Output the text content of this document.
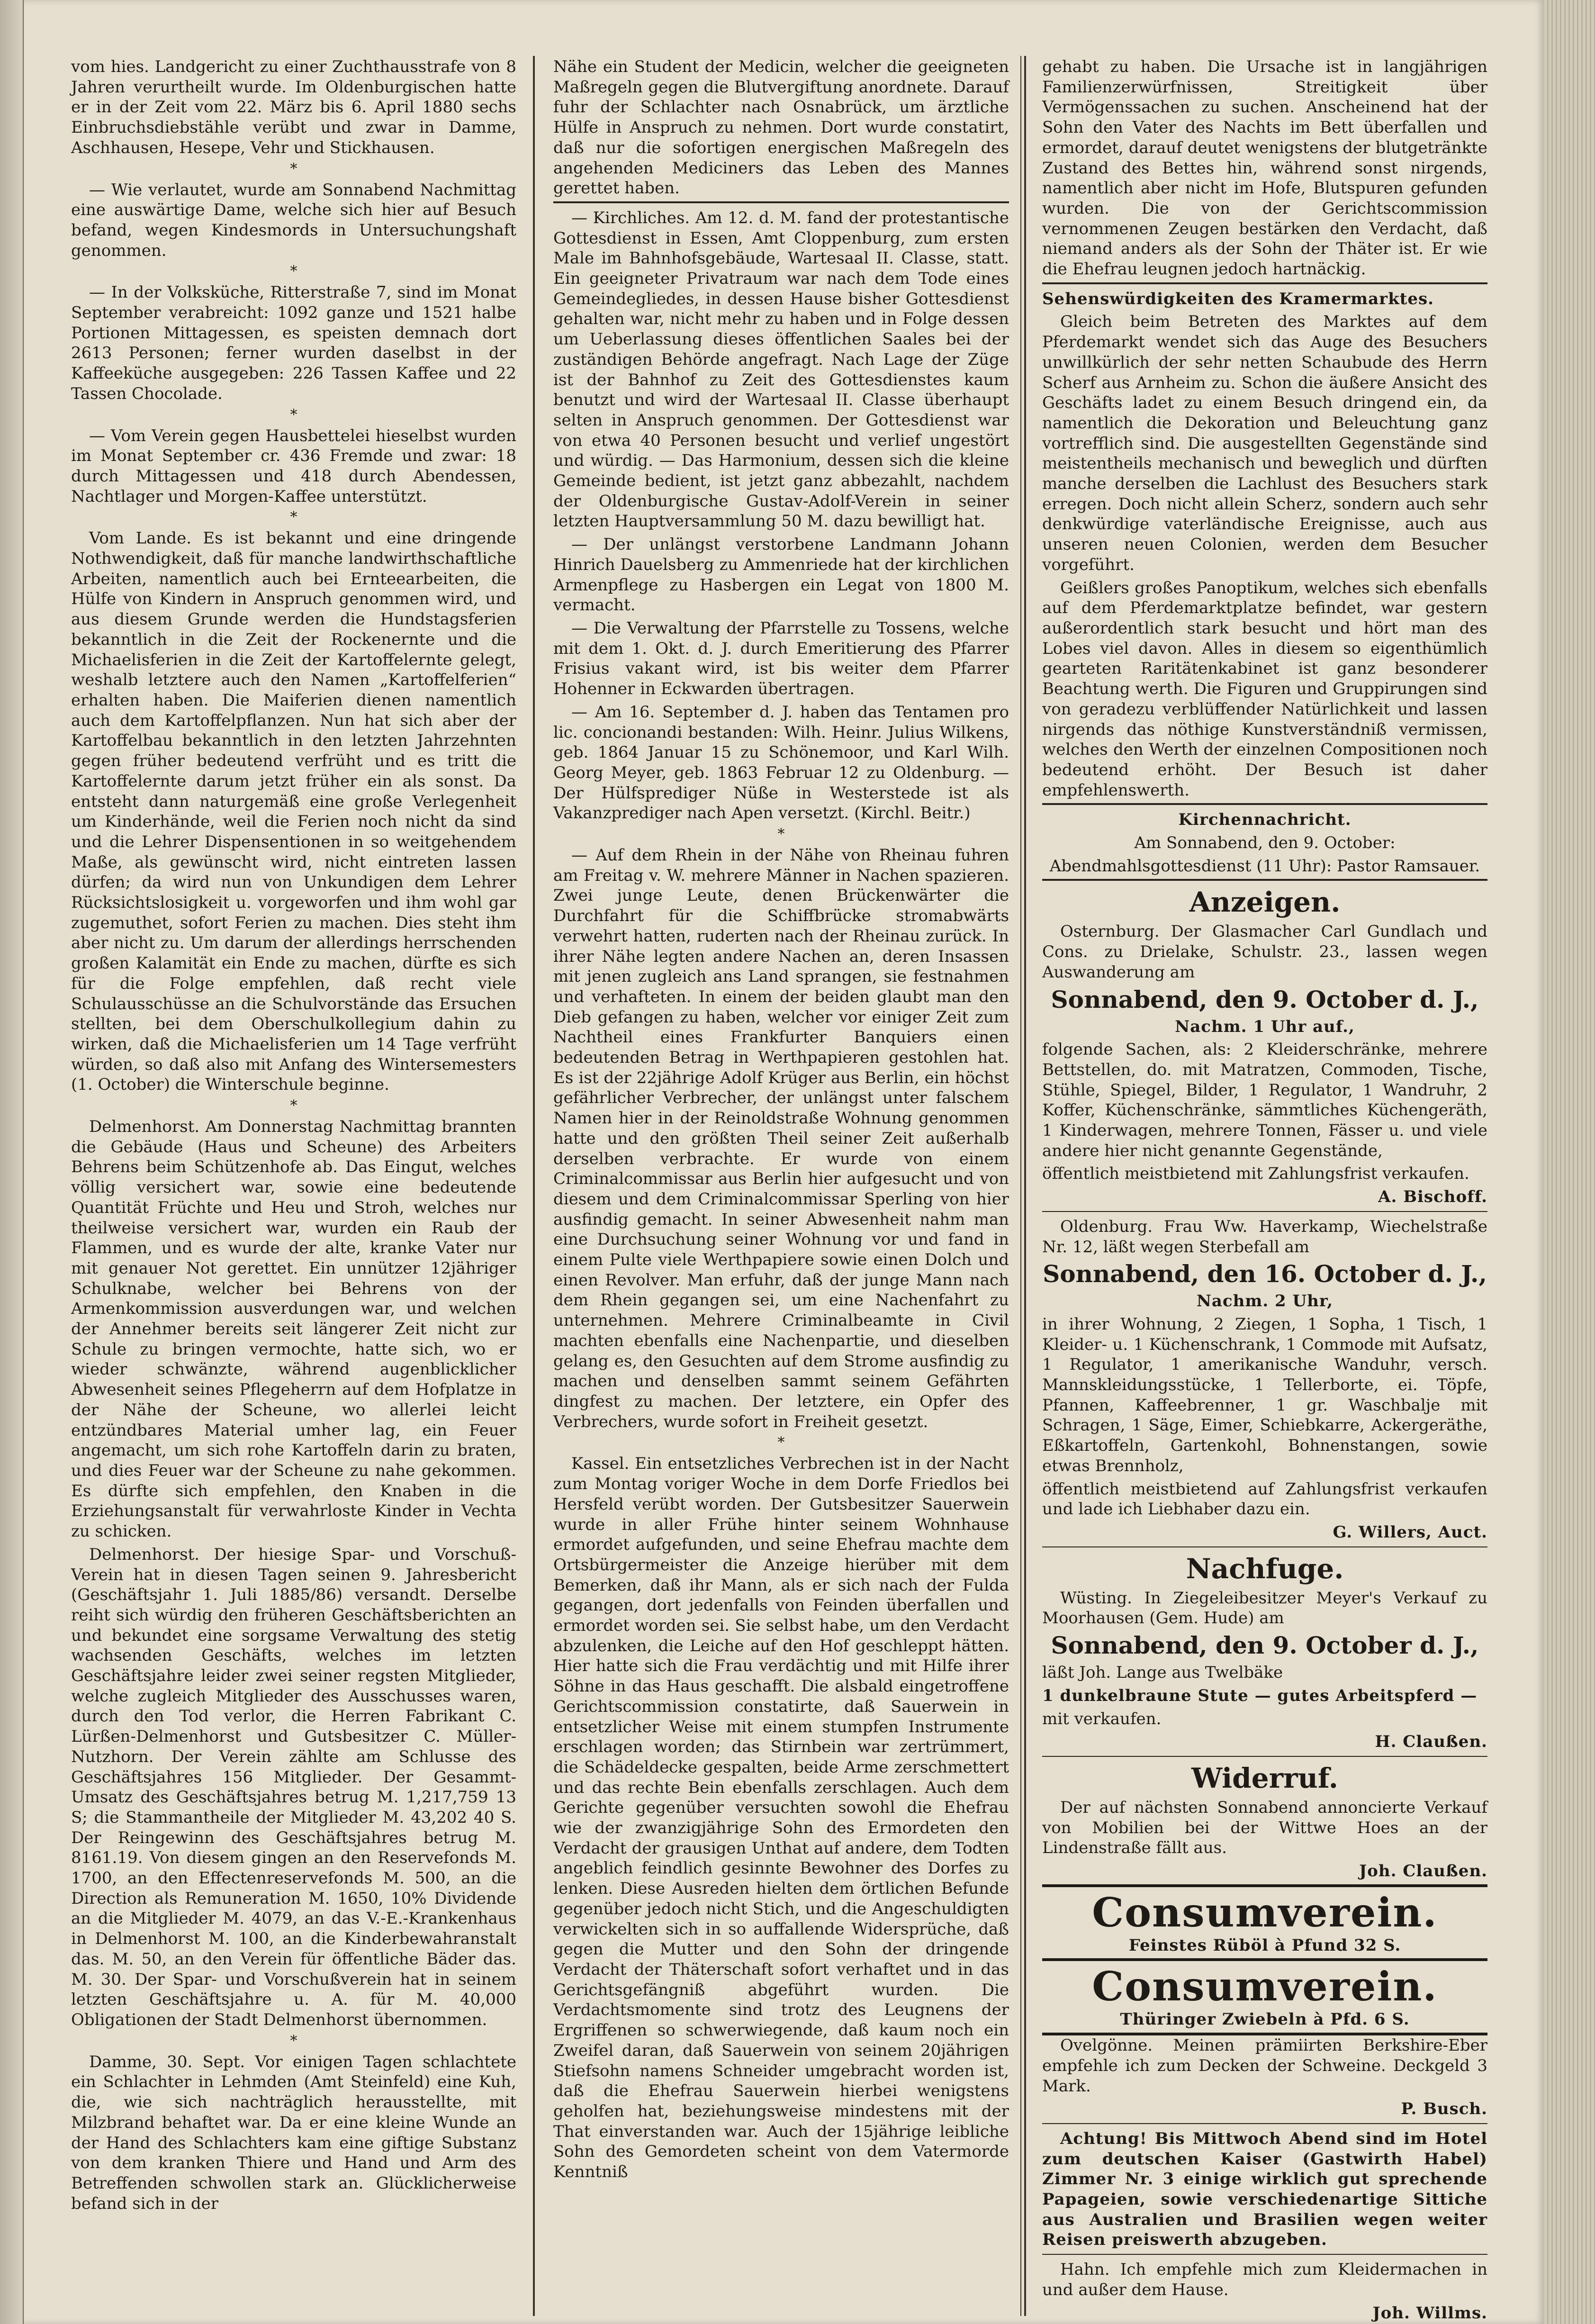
vom hies. Landgericht zu einer Zuchthausstrafe von 8 Jahren verurtheilt wurde. Im Oldenburgischen hatte er in der Zeit vom 22. März bis 6. April 1880 sechs Einbruchsdiebstähle verübt und zwar in Damme, Aschhausen, Hesepe, Vehr und Stickhausen.

*

— Wie verlautet, wurde am Sonnabend Nachmittag eine auswärtige Dame, welche sich hier auf Besuch befand, wegen Kindesmords in Untersuchungshaft genommen.

*

— In der Volksküche, Ritterstraße 7, sind im Monat September verabreicht: 1092 ganze und 1521 halbe Portionen Mittagessen, es speisten demnach dort 2613 Personen; ferner wurden daselbst in der Kaffeeküche ausgegeben: 226 Tassen Kaffee und 22 Tassen Chocolade.

*

— Vom Verein gegen Hausbettelei hieselbst wurden im Monat September cr. 436 Fremde und zwar: 18 durch Mittagessen und 418 durch Abendessen, Nachtlager und Morgen-Kaffee unterstützt.

*

Vom Lande. Es ist bekannt und eine dringende Nothwendigkeit, daß für manche landwirthschaftliche Arbeiten, namentlich auch bei Ernteearbeiten, die Hülfe von Kindern in Anspruch genommen wird, und aus diesem Grunde werden die Hundstagsferien bekanntlich in die Zeit der Rockenernte und die Michaelisferien in die Zeit der Kartoffelernte gelegt, weshalb letztere auch den Namen „Kartoffelferien“ erhalten haben. Die Maiferien dienen namentlich auch dem Kartoffelpflanzen. Nun hat sich aber der Kartoffelbau bekanntlich in den letzten Jahrzehnten gegen früher bedeutend verfrüht und es tritt die Kartoffelernte darum jetzt früher ein als sonst. Da entsteht dann naturgemäß eine große Verlegenheit um Kinderhände, weil die Ferien noch nicht da sind und die Lehrer Dispensentionen in so weitgehendem Maße, als gewünscht wird, nicht eintreten lassen dürfen; da wird nun von Unkundigen dem Lehrer Rücksichtslosigkeit u. vorgeworfen und ihm wohl gar zugemuthet, sofort Ferien zu machen. Dies steht ihm aber nicht zu. Um darum der allerdings herrschenden großen Kalamität ein Ende zu machen, dürfte es sich für die Folge empfehlen, daß recht viele Schulausschüsse an die Schulvorstände das Ersuchen stellten, bei dem Oberschulkollegium dahin zu wirken, daß die Michaelisferien um 14 Tage verfrüht würden, so daß also mit Anfang des Wintersemesters (1. October) die Winterschule beginne.

*

Delmenhorst. Am Donnerstag Nachmittag brannten die Gebäude (Haus und Scheune) des Arbeiters Behrens beim Schützenhofe ab. Das Eingut, welches völlig versichert war, sowie eine bedeutende Quantität Früchte und Heu und Stroh, welches nur theilweise versichert war, wurden ein Raub der Flammen, und es wurde der alte, kranke Vater nur mit genauer Not gerettet. Ein unnützer 12jähriger Schulknabe, welcher bei Behrens von der Armenkommission ausverdungen war, und welchen der Annehmer bereits seit längerer Zeit nicht zur Schule zu bringen vermochte, hatte sich, wo er wieder schwänzte, während augenblicklicher Abwesenheit seines Pflegeherrn auf dem Hofplatze in der Nähe der Scheune, wo allerlei leicht entzündbares Material umher lag, ein Feuer angemacht, um sich rohe Kartoffeln darin zu braten, und dies Feuer war der Scheune zu nahe gekommen. Es dürfte sich empfehlen, den Knaben in die Erziehungsanstalt für verwahrloste Kinder in Vechta zu schicken.

Delmenhorst. Der hiesige Spar- und Vorschuß-Verein hat in diesen Tagen seinen 9. Jahresbericht (Geschäftsjahr 1. Juli 1885/86) versandt. Derselbe reiht sich würdig den früheren Geschäftsberichten an und bekundet eine sorgsame Verwaltung des stetig wachsenden Geschäfts, welches im letzten Geschäftsjahre leider zwei seiner regsten Mitglieder, welche zugleich Mitglieder des Ausschusses waren, durch den Tod verlor, die Herren Fabrikant C. Lürßen-Delmenhorst und Gutsbesitzer C. Müller-Nutzhorn. Der Verein zählte am Schlusse des Geschäftsjahres 156 Mitglieder. Der Gesammt-Umsatz des Geschäftsjahres betrug M. 1,217,759 13 S; die Stammantheile der Mitglieder M. 43,202 40 S. Der Reingewinn des Geschäftsjahres betrug M. 8161.19. Von diesem gingen an den Reservefonds M. 1700, an den Effectenreservefonds M. 500, an die Direction als Remuneration M. 1650, 10% Dividende an die Mitglieder M. 4079, an das V.-E.-Krankenhaus in Delmenhorst M. 100, an die Kinderbewahranstalt das. M. 50, an den Verein für öffentliche Bäder das. M. 30. Der Spar- und Vorschußverein hat in seinem letzten Geschäftsjahre u. A. für M. 40,000 Obligationen der Stadt Delmenhorst übernommen.

*

Damme, 30. Sept. Vor einigen Tagen schlachtete ein Schlachter in Lehmden (Amt Steinfeld) eine Kuh, die, wie sich nachträglich herausstellte, mit Milzbrand behaftet war. Da er eine kleine Wunde an der Hand des Schlachters kam eine giftige Substanz von dem kranken Thiere und Hand und Arm des Betreffenden schwollen stark an. Glücklicherweise befand sich in der

Nähe ein Student der Medicin, welcher die geeigneten Maßregeln gegen die Blutvergiftung anordnete. Darauf fuhr der Schlachter nach Osnabrück, um ärztliche Hülfe in Anspruch zu nehmen. Dort wurde constatirt, daß nur die sofortigen energischen Maßregeln des angehenden Mediciners das Leben des Mannes gerettet haben.

— Kirchliches. Am 12. d. M. fand der protestantische Gottesdienst in Essen, Amt Cloppenburg, zum ersten Male im Bahnhofsgebäude, Wartesaal II. Classe, statt. Ein geeigneter Privatraum war nach dem Tode eines Gemeindegliedes, in dessen Hause bisher Gottesdienst gehalten war, nicht mehr zu haben und in Folge dessen um Ueberlassung dieses öffentlichen Saales bei der zuständigen Behörde angefragt. Nach Lage der Züge ist der Bahnhof zu Zeit des Gottesdienstes kaum benutzt und wird der Wartesaal II. Classe überhaupt selten in Anspruch genommen. Der Gottesdienst war von etwa 40 Personen besucht und verlief ungestört und würdig. — Das Harmonium, dessen sich die kleine Gemeinde bedient, ist jetzt ganz abbezahlt, nachdem der Oldenburgische Gustav-Adolf-Verein in seiner letzten Hauptversammlung 50 M. dazu bewilligt hat.

— Der unlängst verstorbene Landmann Johann Hinrich Dauelsberg zu Ammenriede hat der kirchlichen Armenpflege zu Hasbergen ein Legat von 1800 M. vermacht.

— Die Verwaltung der Pfarrstelle zu Tossens, welche mit dem 1. Okt. d. J. durch Emeritierung des Pfarrer Frisius vakant wird, ist bis weiter dem Pfarrer Hohenner in Eckwarden übertragen.

— Am 16. September d. J. haben das Tentamen pro lic. concionandi bestanden: Wilh. Heinr. Julius Wilkens, geb. 1864 Januar 15 zu Schönemoor, und Karl Wilh. Georg Meyer, geb. 1863 Februar 12 zu Oldenburg. — Der Hülfsprediger Nüße in Westerstede ist als Vakanzprediger nach Apen versetzt. (Kirchl. Beitr.)

*

— Auf dem Rhein in der Nähe von Rheinau fuhren am Freitag v. W. mehrere Männer in Nachen spazieren. Zwei junge Leute, denen Brückenwärter die Durchfahrt für die Schiffbrücke stromabwärts verwehrt hatten, ruderten nach der Rheinau zurück. In ihrer Nähe legten andere Nachen an, deren Insassen mit jenen zugleich ans Land sprangen, sie festnahmen und verhafteten. In einem der beiden glaubt man den Dieb gefangen zu haben, welcher vor einiger Zeit zum Nachtheil eines Frankfurter Banquiers einen bedeutenden Betrag in Werthpapieren gestohlen hat. Es ist der 22jährige Adolf Krüger aus Berlin, ein höchst gefährlicher Verbrecher, der unlängst unter falschem Namen hier in der Reinoldstraße Wohnung genommen hatte und den größten Theil seiner Zeit außerhalb derselben verbrachte. Er wurde von einem Criminalcommissar aus Berlin hier aufgesucht und von diesem und dem Criminalcommissar Sperling von hier ausfindig gemacht. In seiner Abwesenheit nahm man eine Durchsuchung seiner Wohnung vor und fand in einem Pulte viele Werthpapiere sowie einen Dolch und einen Revolver. Man erfuhr, daß der junge Mann nach dem Rhein gegangen sei, um eine Nachenfahrt zu unternehmen. Mehrere Criminalbeamte in Civil machten ebenfalls eine Nachenpartie, und dieselben gelang es, den Gesuchten auf dem Strome ausfindig zu machen und denselben sammt seinem Gefährten dingfest zu machen. Der letztere, ein Opfer des Verbrechers, wurde sofort in Freiheit gesetzt.

*

Kassel. Ein entsetzliches Verbrechen ist in der Nacht zum Montag voriger Woche in dem Dorfe Friedlos bei Hersfeld verübt worden. Der Gutsbesitzer Sauerwein wurde in aller Frühe hinter seinem Wohnhause ermordet aufgefunden, und seine Ehefrau machte dem Ortsbürgermeister die Anzeige hierüber mit dem Bemerken, daß ihr Mann, als er sich nach der Fulda gegangen, dort jedenfalls von Feinden überfallen und ermordet worden sei. Sie selbst habe, um den Verdacht abzulenken, die Leiche auf den Hof geschleppt hätten. Hier hatte sich die Frau verdächtig und mit Hilfe ihrer Söhne in das Haus geschafft. Die alsbald eingetroffene Gerichtscommission constatirte, daß Sauerwein in entsetzlicher Weise mit einem stumpfen Instrumente erschlagen worden; das Stirnbein war zertrümmert, die Schädeldecke gespalten, beide Arme zerschmettert und das rechte Bein ebenfalls zerschlagen. Auch dem Gerichte gegenüber versuchten sowohl die Ehefrau wie der zwanzigjährige Sohn des Ermordeten den Verdacht der grausigen Unthat auf andere, dem Todten angeblich feindlich gesinnte Bewohner des Dorfes zu lenken. Diese Ausreden hielten dem örtlichen Befunde gegenüber jedoch nicht Stich, und die Angeschuldigten verwickelten sich in so auffallende Widersprüche, daß gegen die Mutter und den Sohn der dringende Verdacht der Thäterschaft sofort verhaftet und in das Gerichtsgefängniß abgeführt wurden. Die Verdachtsmomente sind trotz des Leugnens der Ergriffenen so schwerwiegende, daß kaum noch ein Zweifel daran, daß Sauerwein von seinem 20jährigen Stiefsohn namens Schneider umgebracht worden ist, daß die Ehefrau Sauerwein hierbei wenigstens geholfen hat, beziehungsweise mindestens mit der That einverstanden war. Auch der 15jährige leibliche Sohn des Gemordeten scheint von dem Vatermorde Kenntniß

gehabt zu haben. Die Ursache ist in langjährigen Familienzerwürfnissen, Streitigkeit über Vermögenssachen zu suchen. Anscheinend hat der Sohn den Vater des Nachts im Bett überfallen und ermordet, darauf deutet wenigstens der blutgetränkte Zustand des Bettes hin, während sonst nirgends, namentlich aber nicht im Hofe, Blutspuren gefunden wurden. Die von der Gerichtscommission vernommenen Zeugen bestärken den Verdacht, daß niemand anders als der Sohn der Thäter ist. Er wie die Ehefrau leugnen jedoch hartnäckig.

Sehenswürdigkeiten des Kramermarktes.

Gleich beim Betreten des Marktes auf dem Pferdemarkt wendet sich das Auge des Besuchers unwillkürlich der sehr netten Schaubude des Herrn Scherf aus Arnheim zu. Schon die äußere Ansicht des Geschäfts ladet zu einem Besuch dringend ein, da namentlich die Dekoration und Beleuchtung ganz vortrefflich sind. Die ausgestellten Gegenstände sind meistentheils mechanisch und beweglich und dürften manche derselben die Lachlust des Besuchers stark erregen. Doch nicht allein Scherz, sondern auch sehr denkwürdige vaterländische Ereignisse, auch aus unseren neuen Colonien, werden dem Besucher vorgeführt.

Geißlers großes Panoptikum, welches sich ebenfalls auf dem Pferdemarktplatze befindet, war gestern außerordentlich stark besucht und hört man des Lobes viel davon. Alles in diesem so eigenthümlich gearteten Raritätenkabinet ist ganz besonderer Beachtung werth. Die Figuren und Gruppirungen sind von geradezu verblüffender Natürlichkeit und lassen nirgends das nöthige Kunstverständniß vermissen, welches den Werth der einzelnen Compositionen noch bedeutend erhöht. Der Besuch ist daher empfehlenswerth.

Kirchennachricht.

Am Sonnabend, den 9. October:

Abendmahlsgottesdienst (11 Uhr): Pastor Ramsauer.

Anzeigen.

Osternburg. Der Glasmacher Carl Gundlach und Cons. zu Drielake, Schulstr. 23., lassen wegen Auswanderung am

Sonnabend, den 9. October d. J.,

Nachm. 1 Uhr auf.,

folgende Sachen, als: 2 Kleiderschränke, mehrere Bettstellen, do. mit Matratzen, Commoden, Tische, Stühle, Spiegel, Bilder, 1 Regulator, 1 Wandruhr, 2 Koffer, Küchenschränke, sämmtliches Küchengeräth, 1 Kinderwagen, mehrere Tonnen, Fässer u. und viele andere hier nicht genannte Gegenstände,

öffentlich meistbietend mit Zahlungsfrist verkaufen.

A. Bischoff.

Oldenburg. Frau Ww. Haverkamp, Wiechelstraße Nr. 12, läßt wegen Sterbefall am

Sonnabend, den 16. October d. J.,

Nachm. 2 Uhr,

in ihrer Wohnung, 2 Ziegen, 1 Sopha, 1 Tisch, 1 Kleider- u. 1 Küchenschrank, 1 Commode mit Aufsatz, 1 Regulator, 1 amerikanische Wanduhr, versch. Mannskleidungsstücke, 1 Tellerborte, ei. Töpfe, Pfannen, Kaffeebrenner, 1 gr. Waschbalje mit Schragen, 1 Säge, Eimer, Schiebkarre, Ackergeräthe, Eßkartoffeln, Gartenkohl, Bohnenstangen, sowie etwas Brennholz,

öffentlich meistbietend auf Zahlungsfrist verkaufen und lade ich Liebhaber dazu ein.

G. Willers, Auct.

Nachfuge.

Wüsting. In Ziegeleibesitzer Meyer's Verkauf zu Moorhausen (Gem. Hude) am

Sonnabend, den 9. October d. J.,

läßt Joh. Lange aus Twelbäke

1 dunkelbraune Stute — gutes Arbeitspferd —

mit verkaufen.

H. Claußen.

Widerruf.

Der auf nächsten Sonnabend annoncierte Verkauf von Mobilien bei der Wittwe Hoes an der Lindenstraße fällt aus.

Joh. Claußen.

Consumverein.

Feinstes Rüböl à Pfund 32 S.

Consumverein.

Thüringer Zwiebeln à Pfd. 6 S.

Ovelgönne. Meinen prämiirten Berkshire-Eber empfehle ich zum Decken der Schweine. Deckgeld 3 Mark.

P. Busch.

Achtung! Bis Mittwoch Abend sind im Hotel zum deutschen Kaiser (Gastwirth Habel) Zimmer Nr. 3 einige wirklich gut sprechende Papageien, sowie verschiedenartige Sittiche aus Australien und Brasilien wegen weiter Reisen preiswerth abzugeben.

Hahn. Ich empfehle mich zum Kleidermachen in und außer dem Hause.

Joh. Willms.
